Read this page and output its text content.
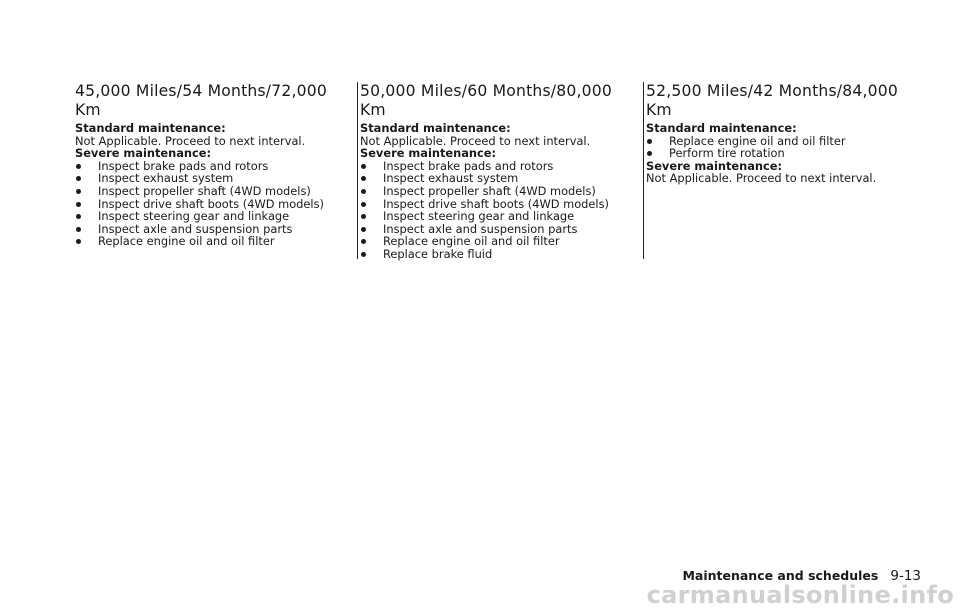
45,000 Miles/54 Months/72,000 Km

Standard maintenance:

Not Applicable. Proceed to next interval.

Severe maintenance:

Inspect brake pads and rotors
Inspect exhaust system
Inspect propeller shaft (4WD models)
Inspect drive shaft boots (4WD models)
Inspect steering gear and linkage
Inspect axle and suspension parts
Replace engine oil and oil filter
50,000 Miles/60 Months/80,000 Km

Standard maintenance:

Not Applicable. Proceed to next interval.

Severe maintenance:

Inspect brake pads and rotors
Inspect exhaust system
Inspect propeller shaft (4WD models)
Inspect drive shaft boots (4WD models)
Inspect steering gear and linkage
Inspect axle and suspension parts
Replace engine oil and oil filter
Replace brake fluid
52,500 Miles/42 Months/84,000 Km

Standard maintenance:

Replace engine oil and oil filter
Perform tire rotation

Severe maintenance:

Not Applicable. Proceed to next interval.

Maintenance and schedules 9-13
carmanualsonline.info
